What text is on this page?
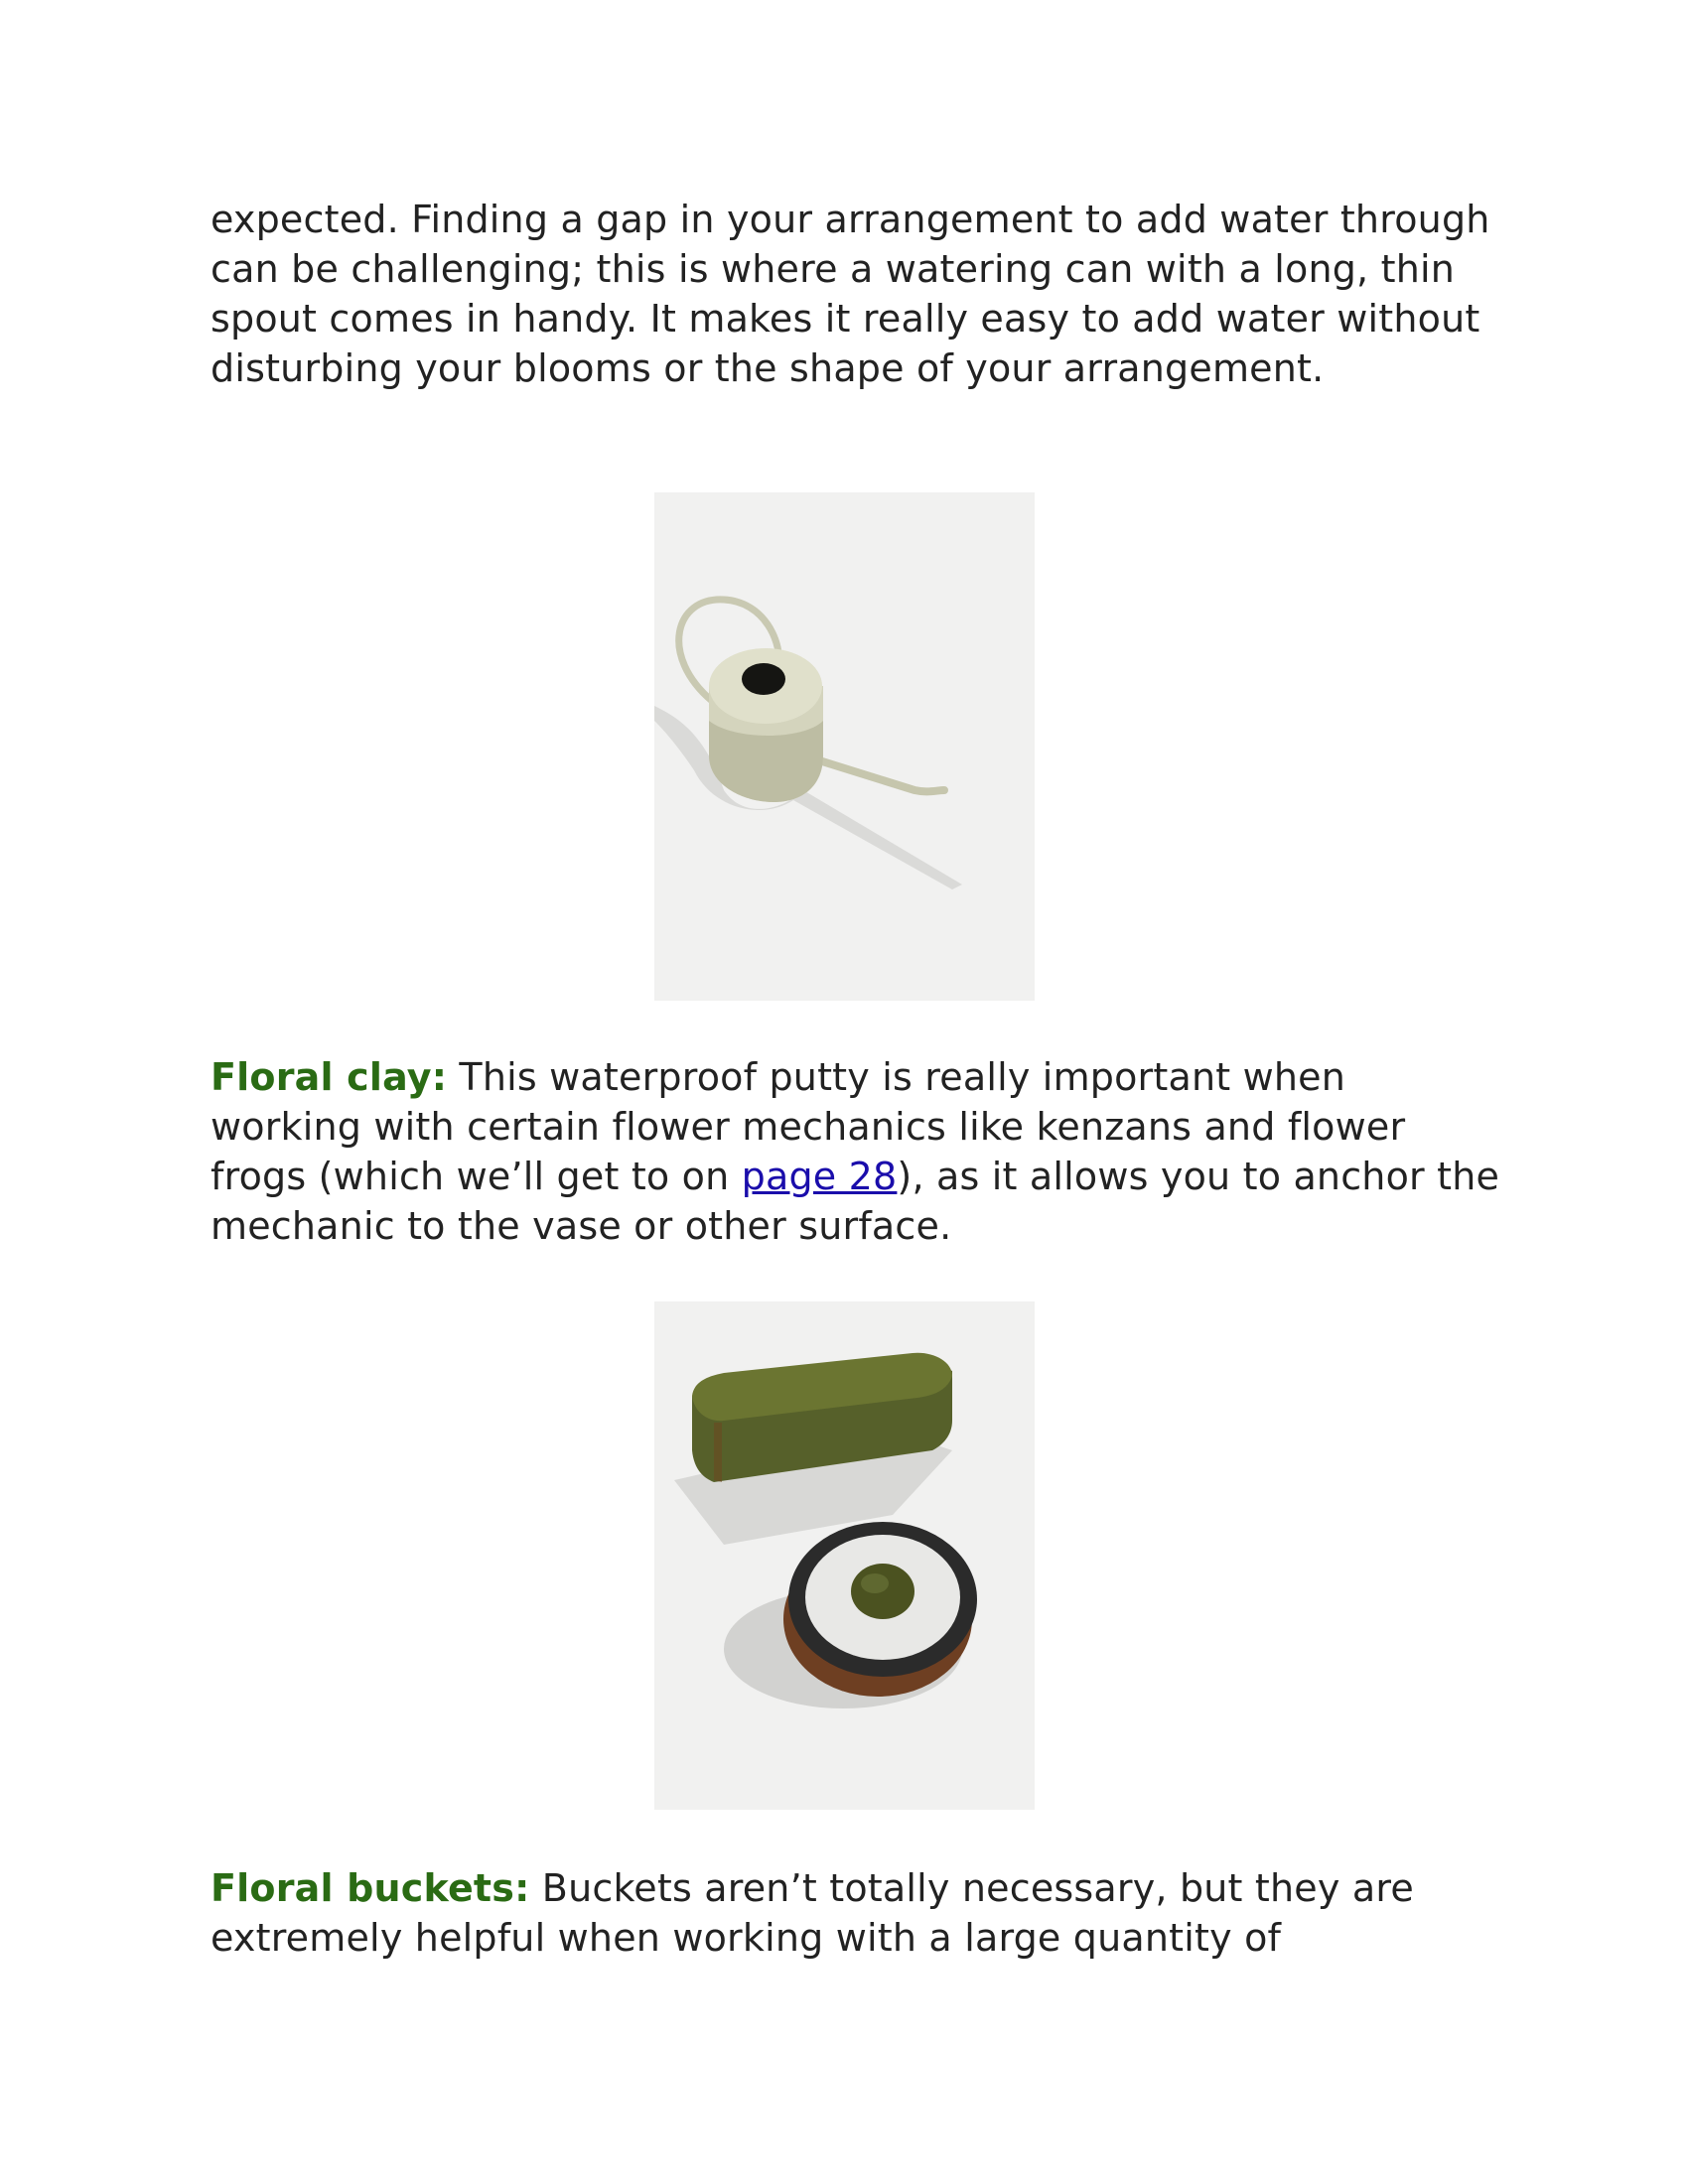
expected. Finding a gap in your arrangement to add water through can be challenging; this is where a watering can with a long, thin spout comes in handy. It makes it really easy to add water without disturbing your blooms or the shape of your arrangement.

Floral clay: This waterproof putty is really important when working with certain flower mechanics like kenzans and flower frogs (which we’ll get to on page 28), as it allows you to anchor the mechanic to the vase or other surface.

Floral buckets: Buckets aren’t totally necessary, but they are extremely helpful when working with a large quantity of
